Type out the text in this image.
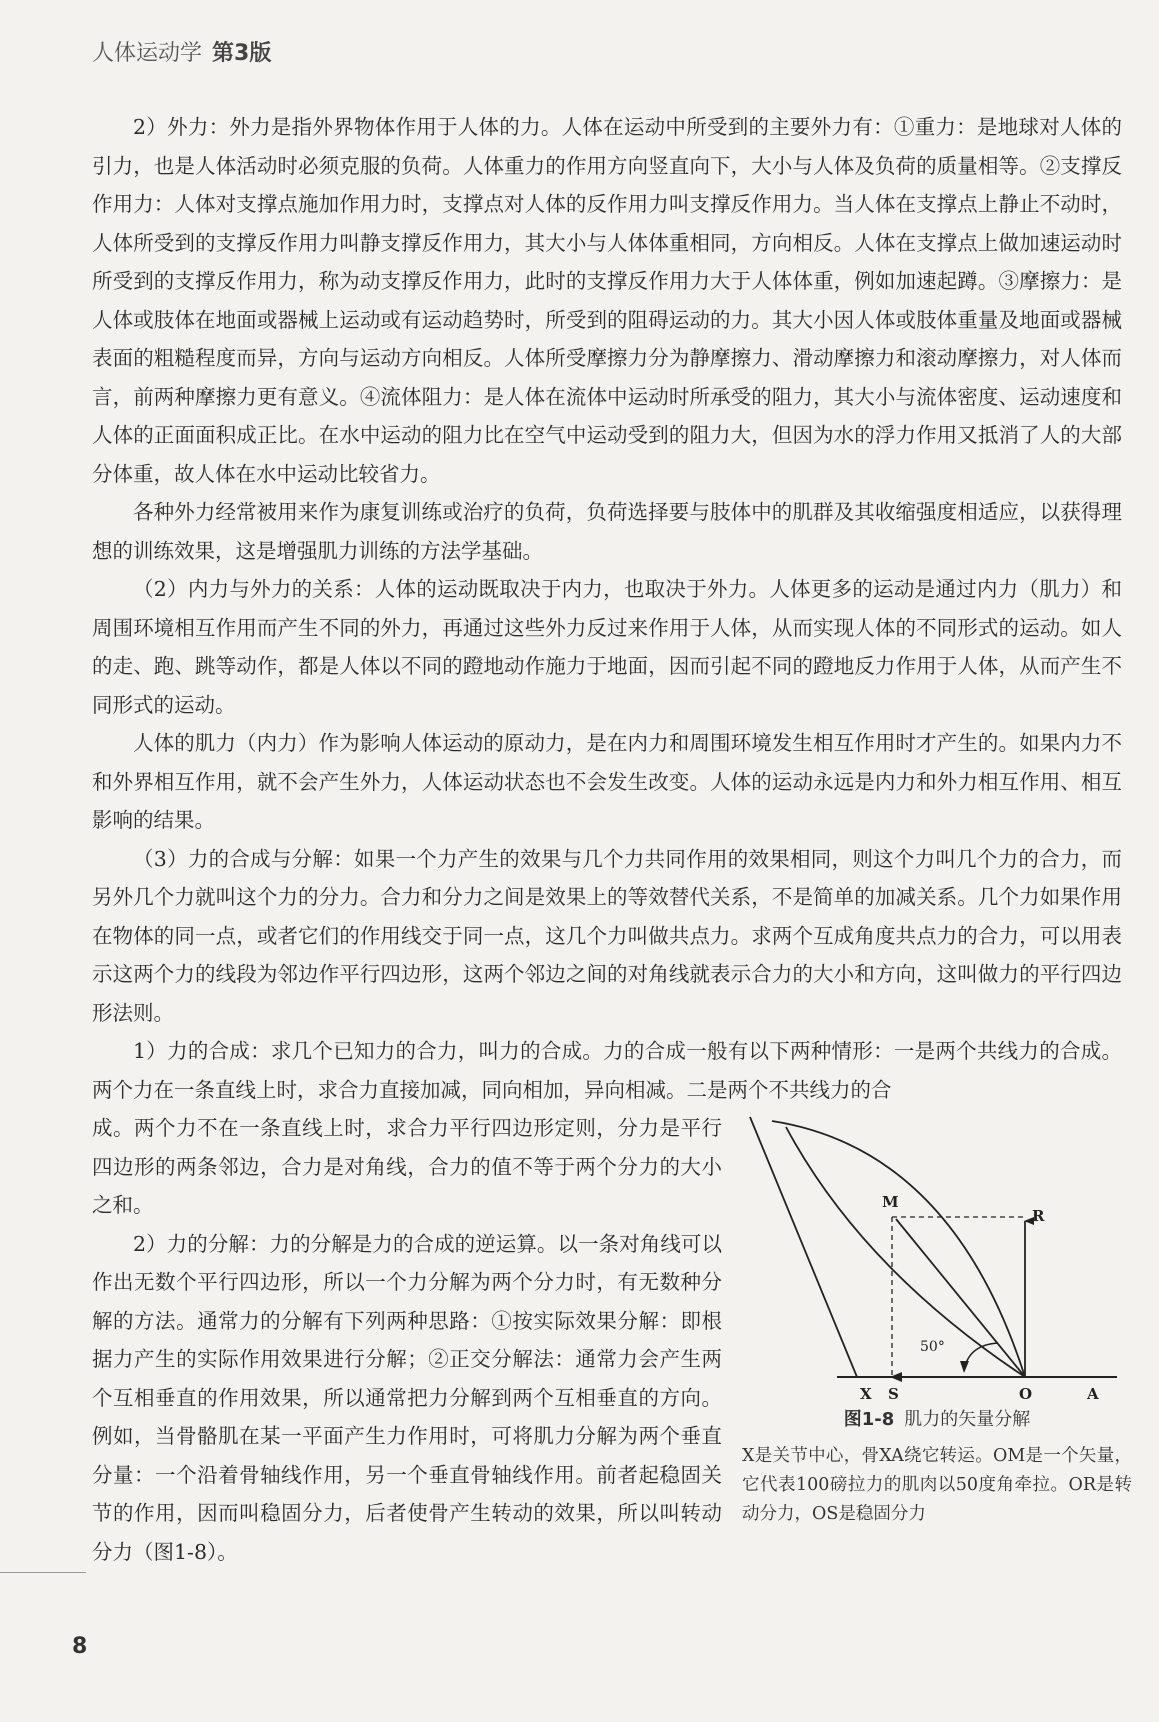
人体运动学 第3版

2）外力：外力是指外界物体作用于人体的力。人体在运动中所受到的主要外力有：①重力：是地球对人体的引力，也是人体活动时必须克服的负荷。人体重力的作用方向竖直向下，大小与人体及负荷的质量相等。②支撑反作用力：人体对支撑点施加作用力时，支撑点对人体的反作用力叫支撑反作用力。当人体在支撑点上静止不动时，人体所受到的支撑反作用力叫静支撑反作用力，其大小与人体体重相同，方向相反。人体在支撑点上做加速运动时所受到的支撑反作用力，称为动支撑反作用力，此时的支撑反作用力大于人体体重，例如加速起蹲。③摩擦力：是人体或肢体在地面或器械上运动或有运动趋势时，所受到的阻碍运动的力。其大小因人体或肢体重量及地面或器械表面的粗糙程度而异，方向与运动方向相反。人体所受摩擦力分为静摩擦力、滑动摩擦力和滚动摩擦力，对人体而言，前两种摩擦力更有意义。④流体阻力：是人体在流体中运动时所承受的阻力，其大小与流体密度、运动速度和人体的正面面积成正比。在水中运动的阻力比在空气中运动受到的阻力大，但因为水的浮力作用又抵消了人的大部分体重，故人体在水中运动比较省力。

各种外力经常被用来作为康复训练或治疗的负荷，负荷选择要与肢体中的肌群及其收缩强度相适应，以获得理想的训练效果，这是增强肌力训练的方法学基础。

（2）内力与外力的关系：人体的运动既取决于内力，也取决于外力。人体更多的运动是通过内力（肌力）和周围环境相互作用而产生不同的外力，再通过这些外力反过来作用于人体，从而实现人体的不同形式的运动。如人的走、跑、跳等动作，都是人体以不同的蹬地动作施力于地面，因而引起不同的蹬地反力作用于人体，从而产生不同形式的运动。

人体的肌力（内力）作为影响人体运动的原动力，是在内力和周围环境发生相互作用时才产生的。如果内力不和外界相互作用，就不会产生外力，人体运动状态也不会发生改变。人体的运动永远是内力和外力相互作用、相互影响的结果。

（3）力的合成与分解：如果一个力产生的效果与几个力共同作用的效果相同，则这个力叫几个力的合力，而另外几个力就叫这个力的分力。合力和分力之间是效果上的等效替代关系，不是简单的加减关系。几个力如果作用在物体的同一点，或者它们的作用线交于同一点，这几个力叫做共点力。求两个互成角度共点力的合力，可以用表示这两个力的线段为邻边作平行四边形，这两个邻边之间的对角线就表示合力的大小和方向，这叫做力的平行四边形法则。

1）力的合成：求几个已知力的合力，叫力的合成。力的合成一般有以下两种情形：一是两个共线力的合成。两个力在一条直线上时，求合力直接加减，同向相加，异向相减。二是两个不共线力的合

成。两个力不在一条直线上时，求合力平行四边形定则，分力是平行四边形的两条邻边，合力是对角线，合力的值不等于两个分力的大小之和。

2）力的分解：力的分解是力的合成的逆运算。以一条对角线可以作出无数个平行四边形，所以一个力分解为两个分力时，有无数种分解的方法。通常力的分解有下列两种思路：①按实际效果分解：即根据力产生的实际作用效果进行分解；②正交分解法：通常力会产生两个互相垂直的作用效果，所以通常把力分解到两个互相垂直的方向。例如，当骨骼肌在某一平面产生力作用时，可将肌力分解为两个垂直分量：一个沿着骨轴线作用，另一个垂直骨轴线作用。前者起稳固关节的作用，因而叫稳固分力，后者使骨产生转动的效果，所以叫转动分力（图1-8）。

M
R
50°
X S	O	A
图1-8 肌力的矢量分解
X是关节中心，骨XA绕它转运。OM是一个矢量，它代表100磅拉力的肌肉以50度角牵拉。OR是转动分力，OS是稳固分力
8
